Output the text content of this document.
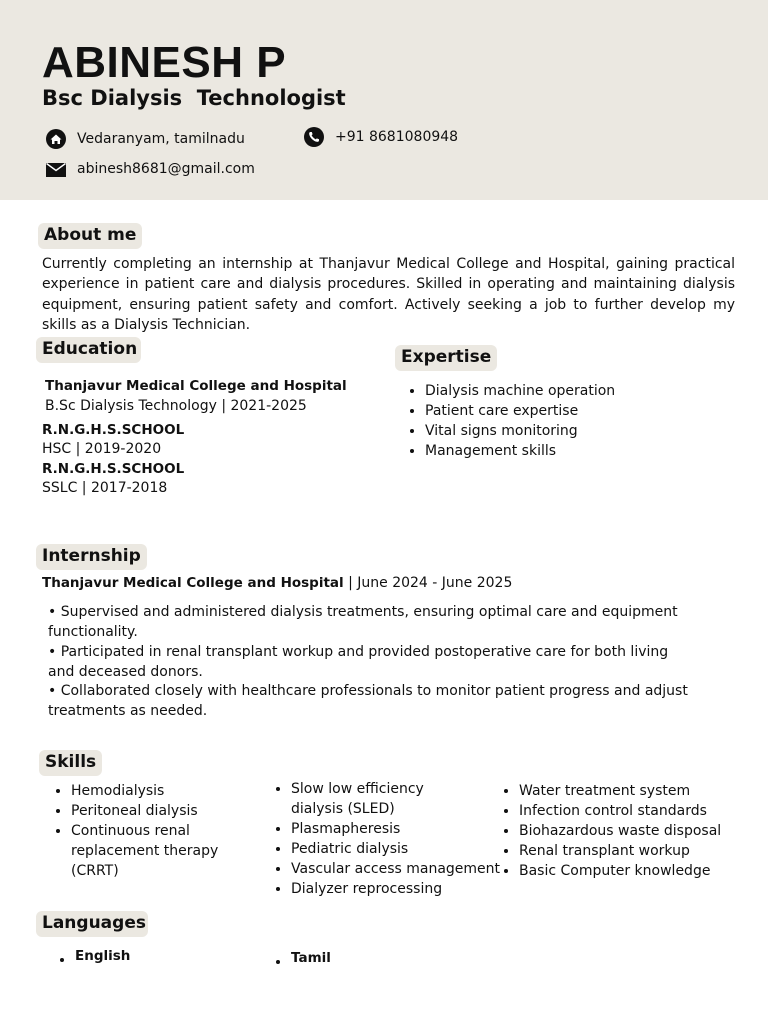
ABINESH P
Bsc Dialysis  Technologist
Vedaranyam, tamilnadu	+91 8681080948
abinesh8681@gmail.com
About me
Currently completing an internship at Thanjavur Medical College and Hospital, gaining practical experience in patient care and dialysis procedures. Skilled in operating and maintaining dialysis equipment, ensuring patient safety and comfort. Actively seeking a job to further develop my skills as a Dialysis Technician.
Education
Thanjavur Medical College and Hospital
B.Sc Dialysis Technology | 2021-2025
R.N.G.H.S.SCHOOL
HSC | 2019-2020
R.N.G.H.S.SCHOOL
SSLC | 2017-2018
Expertise
Dialysis machine operation
Patient care expertise
Vital signs monitoring
Management skills
Internship
Thanjavur Medical College and Hospital | June 2024 - June 2025
• Supervised and administered dialysis treatments, ensuring optimal care and equipment functionality.
• Participated in renal transplant workup and provided postoperative care for both living and deceased donors.
• Collaborated closely with healthcare professionals to monitor patient progress and adjust treatments as needed.
Skills
Hemodialysis
Peritoneal dialysis
Continuous renal replacement therapy (CRRT)
Slow low efficiency dialysis (SLED)
Plasmapheresis
Pediatric dialysis
Vascular access management
Dialyzer reprocessing
Water treatment system
Infection control standards
Biohazardous waste disposal
Renal transplant workup
Basic Computer knowledge
Languages
English	Tamil
